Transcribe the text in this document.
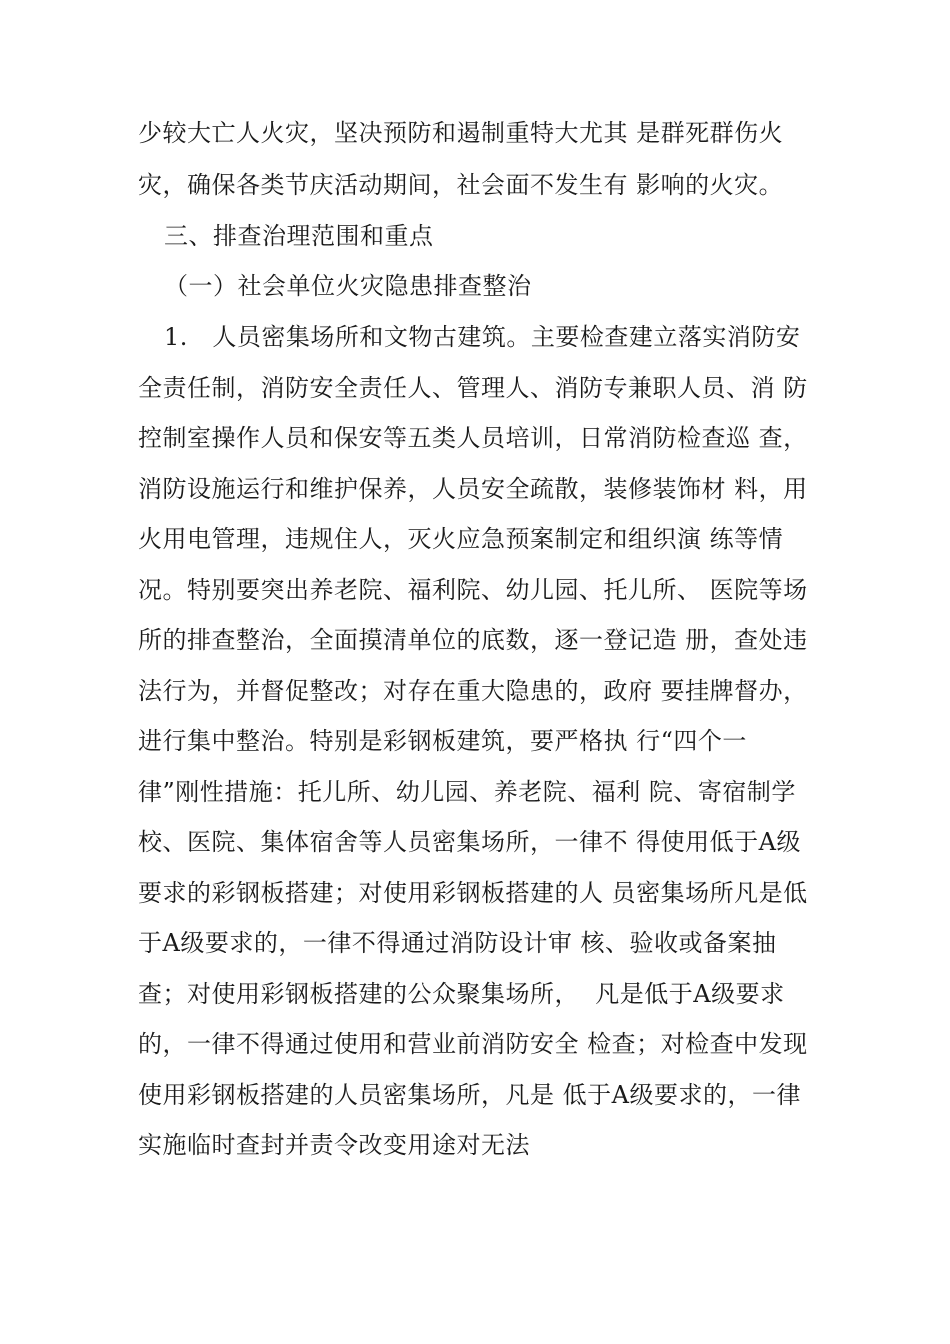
少较大亡人火灾，坚决预防和遏制重特大尤其 是群死群伤火
灾，确保各类节庆活动期间，社会面不发生有 影响的火灾。
三、排查治理范围和重点
（一）社会单位火灾隐患排查整治
1.　人员密集场所和文物古建筑。主要检查建立落实消防安
全责任制，消防安全责任人、管理人、消防专兼职人员、消 防
控制室操作人员和保安等五类人员培训，日常消防检查巡 查，
消防设施运行和维护保养，人员安全疏散，装修装饰材 料，用
火用电管理，违规住人，灭火应急预案制定和组织演 练等情
况。特别要突出养老院、福利院、幼儿园、托儿所、 医院等场
所的排查整治，全面摸清单位的底数，逐一登记造 册，查处违
法行为，并督促整改；对存在重大隐患的，政府 要挂牌督办，
进行集中整治。特别是彩钢板建筑，要严格执 行“四个一
律”刚性措施：托儿所、幼儿园、养老院、福利 院、寄宿制学
校、医院、集体宿舍等人员密集场所，一律不 得使用低于A级
要求的彩钢板搭建；对使用彩钢板搭建的人 员密集场所凡是低
于A级要求的，一律不得通过消防设计审 核、验收或备案抽
查；对使用彩钢板搭建的公众聚集场所，  凡是低于A级要求
的，一律不得通过使用和营业前消防安全 检查；对检查中发现
使用彩钢板搭建的人员密集场所，凡是 低于A级要求的，一律
实施临时查封并责令改变用途对无法
